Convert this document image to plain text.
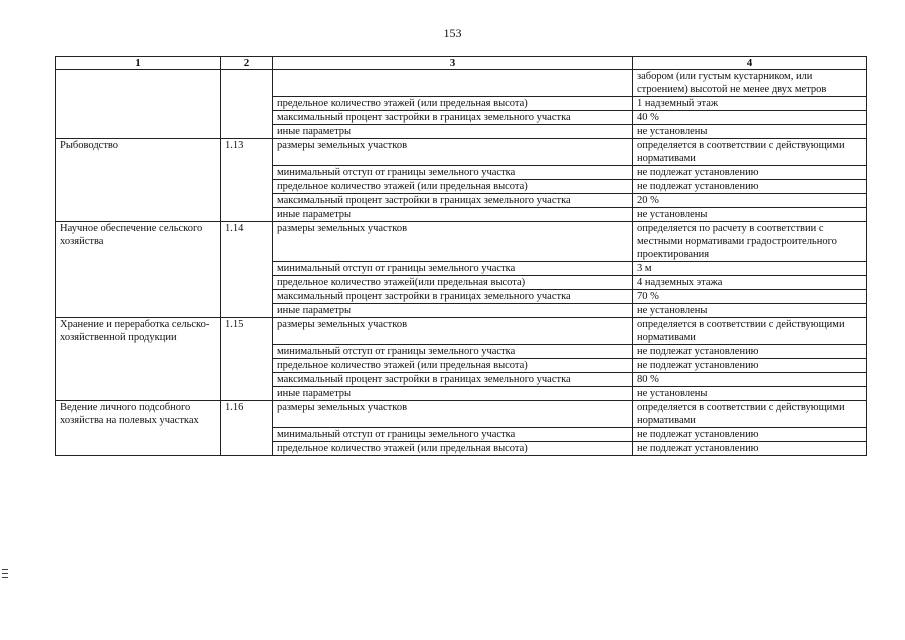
153
1	2	3	4
			забором (или густым кустарником, или строением) высотой не менее двух метров
		предельное количество этажей (или предельная высота)	1 надземный этаж
		максимальный процент застройки в границах земельного участка	40 %
		иные параметры	не установлены
Рыбоводство	1.13	размеры земельных участков	определяется в соответствии с действующими нормативами
		минимальный отступ от границы земельного участка	не подлежат установлению
		предельное количество этажей (или предельная высота)	не подлежат установлению
		максимальный процент застройки в границах земельного участка	20 %
		иные параметры	не установлены
Научное обеспечение сельского хозяйства	1.14	размеры земельных участков	определяется по расчету в соответствии с местными нормативами градостроительного проектирования
		минимальный отступ от границы земельного участка	3 м
		предельное количество этажей(или предельная высота)	4 надземных этажа
		максимальный процент застройки в границах земельного участка	70 %
		иные параметры	не установлены
Хранение и переработка сельско-хозяйственной продукции	1.15	размеры земельных участков	определяется в соответствии с действующими нормативами
		минимальный отступ от границы земельного участка	не подлежат установлению
		предельное количество этажей (или предельная высота)	не подлежат установлению
		максимальный процент застройки в границах земельного участка	80 %
		иные параметры	не установлены
Ведение личного подсобного хозяйства на полевых участках	1.16	размеры земельных участков	определяется в соответствии с действующими нормативами
		минимальный отступ от границы земельного участка	не подлежат установлению
		предельное количество этажей (или предельная высота)	не подлежат установлению
